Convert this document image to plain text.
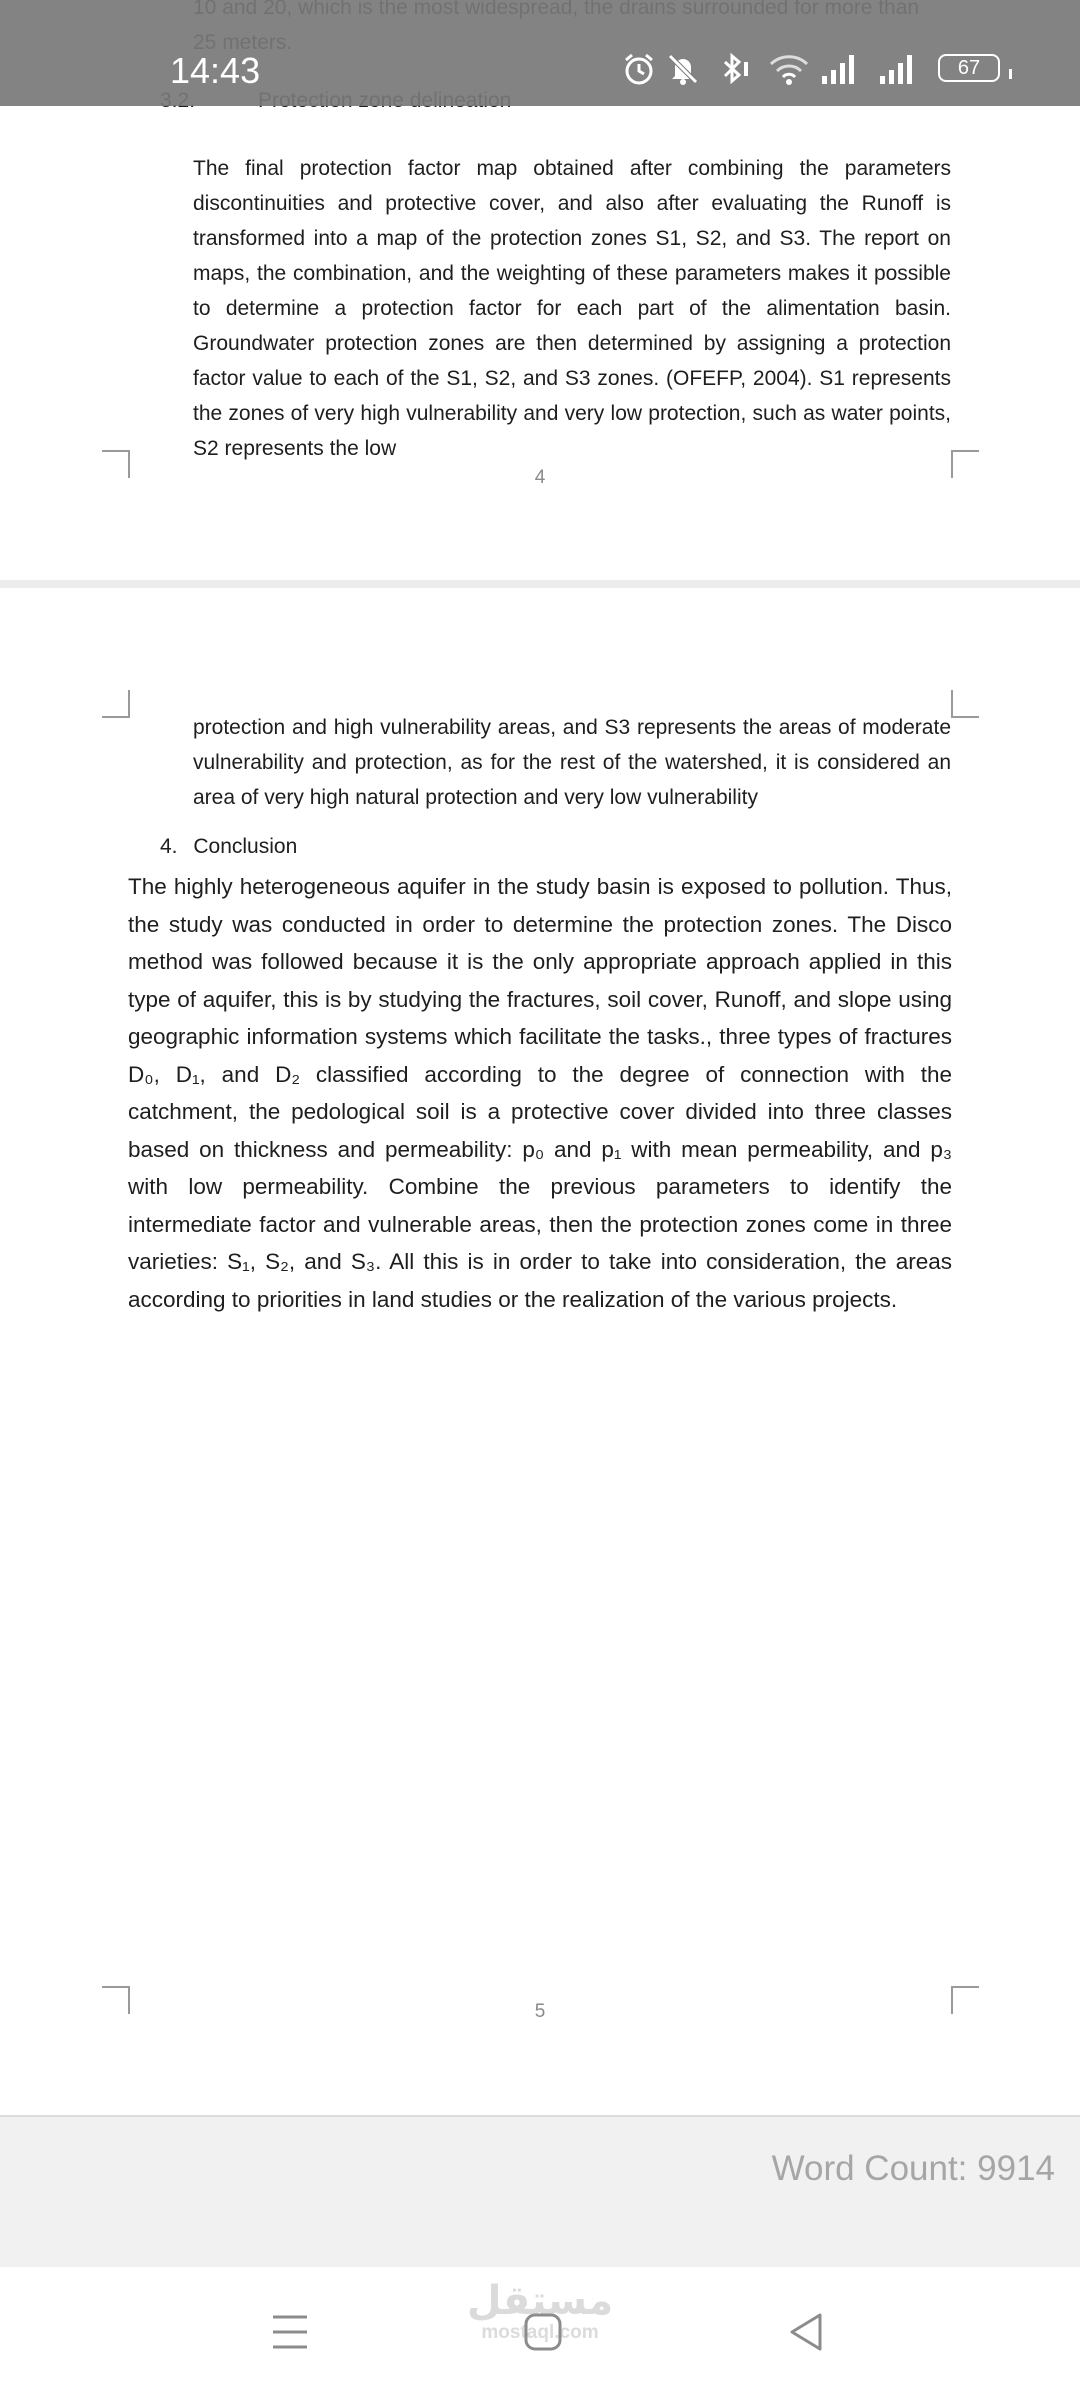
The final protection factor map obtained after combining the parameters discontinuities and protective cover, and also after evaluating the Runoff is transformed into a map of the protection zones S1, S2, and S3. The report on maps, the combination, and the weighting of these parameters makes it possible to determine a protection factor for each part of the alimentation basin. Groundwater protection zones are then determined by assigning a protection factor value to each of the S1, S2, and S3 zones. (OFEFP, 2004). S1 represents the zones of very high vulnerability and very low protection, such as water points, S2 represents the low
4
protection and high vulnerability areas, and S3 represents the areas of moderate vulnerability and protection, as for the rest of the watershed, it is considered an area of very high natural protection and very low vulnerability
4. Conclusion
The highly heterogeneous aquifer in the study basin is exposed to pollution. Thus, the study was conducted in order to determine the protection zones. The Disco method was followed because it is the only appropriate approach applied in this type of aquifer, this is by studying the fractures, soil cover, Runoff, and slope using geographic information systems which facilitate the tasks., three types of fractures D₀, D₁, and D₂ classified according to the degree of connection with the catchment, the pedological soil is a protective cover divided into three classes based on thickness and permeability: p₀ and p₁ with mean permeability, and p₃ with low permeability. Combine the previous parameters to identify the intermediate factor and vulnerable areas, then the protection zones come in three varieties: S₁, S₂, and S₃. All this is in order to take into consideration, the areas according to priorities in land studies or the realization of the various projects.
5
14:43	67

Word Count: 9914
مستقل
mostaql.com
